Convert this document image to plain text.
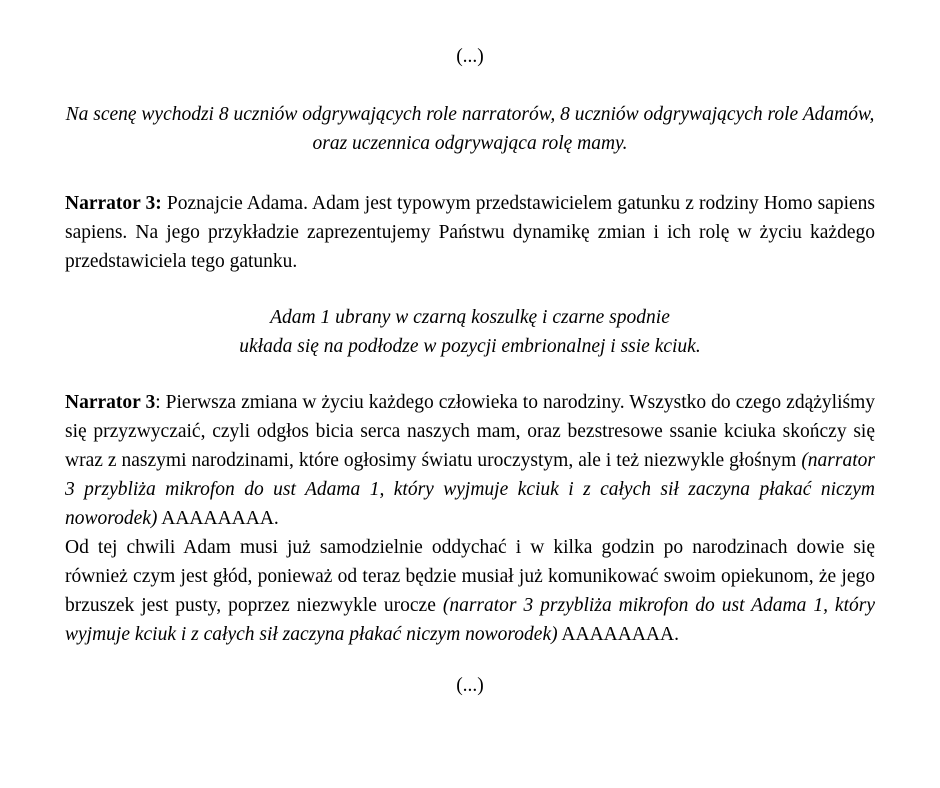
(...)

Na scenę wychodzi 8 uczniów odgrywających role narratorów, 8 uczniów odgrywających role Adamów, oraz uczennica odgrywająca rolę mamy.

Narrator 3: Poznajcie Adama. Adam jest typowym przedstawicielem gatunku z rodziny Homo sapiens sapiens. Na jego przykładzie zaprezentujemy Państwu dynamikę zmian i ich rolę w życiu każdego przedstawiciela tego gatunku.

Adam 1 ubrany w czarną koszulkę i czarne spodnie
układa się na podłodze w pozycji embrionalnej i ssie kciuk.

Narrator 3: Pierwsza zmiana w życiu każdego człowieka to narodziny. Wszystko do czego zdążyliśmy się przyzwyczaić, czyli odgłos bicia serca naszych mam, oraz bezstresowe ssanie kciuka skończy się wraz z naszymi narodzinami, które ogłosimy światu uroczystym, ale i też niezwykle głośnym (narrator 3 przybliża mikrofon do ust Adama 1, który wyjmuje kciuk i z całych sił zaczyna płakać niczym noworodek) AAAAAAAA.

Od tej chwili Adam musi już samodzielnie oddychać i w kilka godzin po narodzinach dowie się również czym jest głód, ponieważ od teraz będzie musiał już komunikować swoim opiekunom, że jego brzuszek jest pusty, poprzez niezwykle urocze (narrator 3 przybliża mikrofon do ust Adama 1, który wyjmuje kciuk i z całych sił zaczyna płakać niczym noworodek) AAAAAAAA.

(...)
